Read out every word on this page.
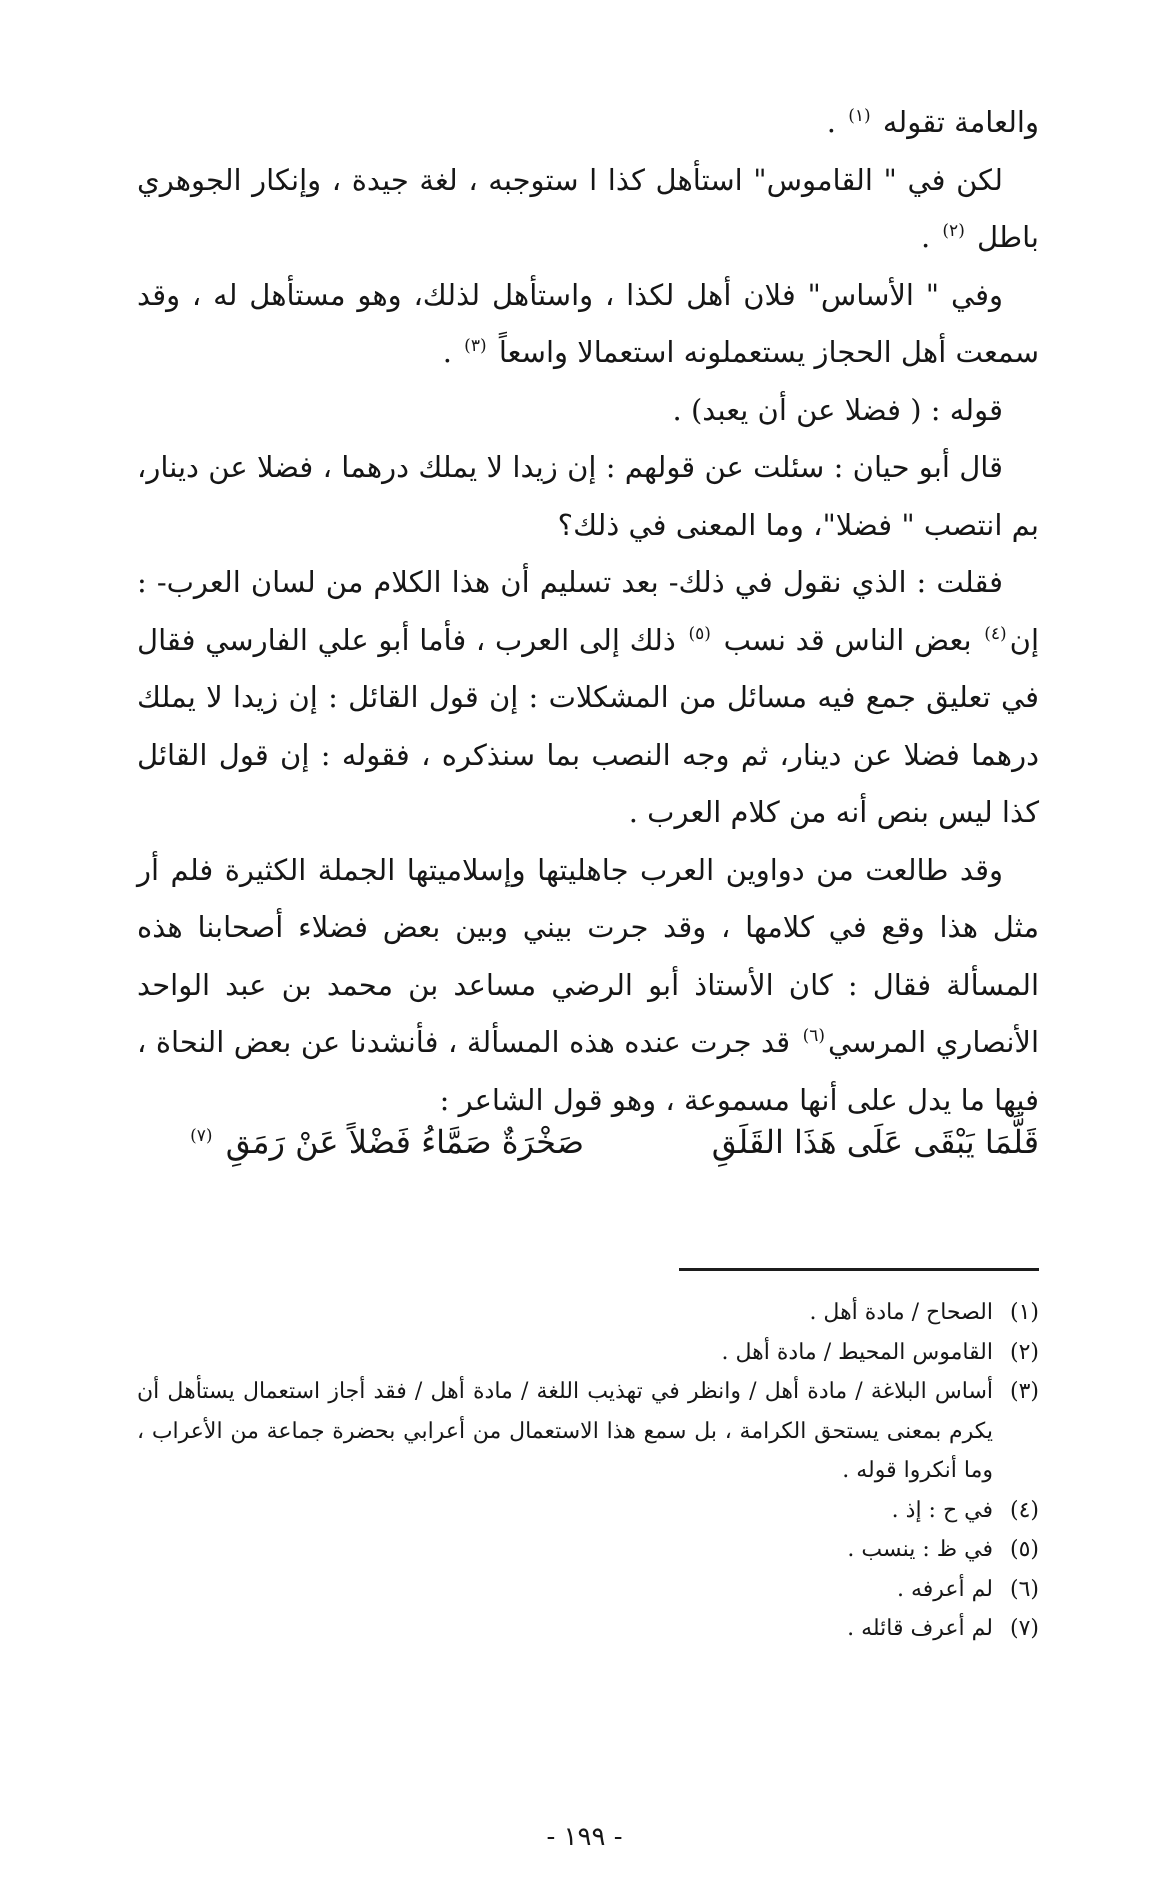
والعامة تقوله $^{(١)}$ .

لكن في " القاموس" استأهل كذا ا ستوجبه ، لغة جيدة ، وإنكار الجوهري باطل $^{(٢)}$ .

وفي " الأساس" فلان أهل لكذا ، واستأهل لذلك، وهو مستأهل له ، وقد سمعت أهل الحجاز يستعملونه استعمالا واسعاً $^{(٣)}$ .

قوله : ( فضلا عن أن يعبد) .

قال أبو حيان : سئلت عن قولهم : إن زيدا لا يملك درهما ، فضلا عن دينار، بم انتصب " فضلا"، وما المعنى في ذلك؟

فقلت : الذي نقول في ذلك- بعد تسليم أن هذا الكلام من لسان العرب- : إن$^{(٤)}$ بعض الناس قد نسب $^{(٥)}$ ذلك إلى العرب ، فأما أبو علي الفارسي فقال في تعليق جمع فيه مسائل من المشكلات : إن قول القائل : إن زيدا لا يملك درهما فضلا عن دينار، ثم وجه النصب بما سنذكره ، فقوله : إن قول القائل كذا ليس بنص أنه من كلام العرب .

وقد طالعت من دواوين العرب جاهليتها وإسلاميتها الجملة الكثيرة فلم أر مثل هذا وقع في كلامها ، وقد جرت بيني وبين بعض فضلاء أصحابنا هذه المسألة فقال : كان الأستاذ أبو الرضي مساعد بن محمد بن عبد الواحد الأنصاري المرسي$^{(٦)}$ قد جرت عنده هذه المسألة ، فأنشدنا عن بعض النحاة ، فيها ما يدل على أنها مسموعة ، وهو قول الشاعر :

قَلَّمَا يَبْقَى عَلَى هَذَا القَلَقِ
صَخْرَةٌ صَمَّاءُ فَضْلاً عَنْ رَمَقِ $^{(٧)}$

(١)
الصحاح / مادة أهل .

(٢)
القاموس المحيط / مادة أهل .

(٣)
أساس البلاغة / مادة أهل / وانظر في تهذيب اللغة / مادة أهل / فقد أجاز استعمال يستأهل أن يكرم بمعنى يستحق الكرامة ، بل سمع هذا الاستعمال من أعرابي بحضرة جماعة من الأعراب ، وما أنكروا قوله .

(٤)
في ح : إذ .

(٥)
في ظ : ينسب .

(٦)
لم أعرفه .

(٧)
لم أعرف قائله .

- ١٩٩ -
